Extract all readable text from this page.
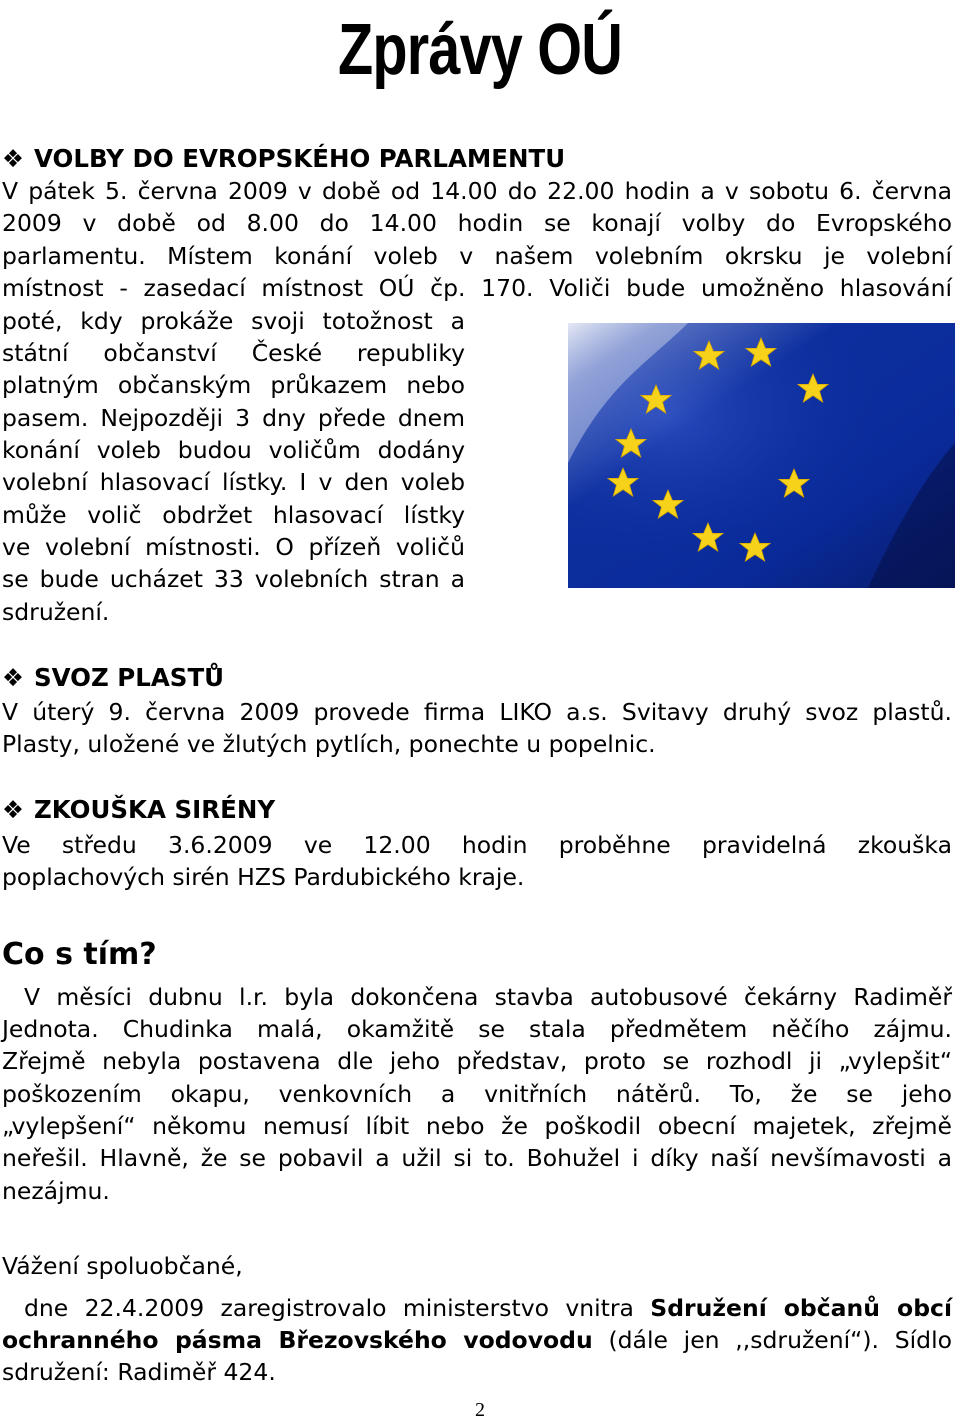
Zprávy OÚ
❖ VOLBY DO EVROPSKÉHO PARLAMENTU
V pátek 5. června 2009 v době od 14.00 do 22.00 hodin a v sobotu 6. června
2009 v době od 8.00 do 14.00 hodin se konají volby do Evropského
parlamentu. Místem konání voleb v našem volebním okrsku je volební
místnost - zasedací místnost OÚ čp. 170. Voliči bude umožněno hlasování
poté, kdy prokáže svoji totožnost a
státní občanství České republiky
platným občanským průkazem nebo
pasem. Nejpozději 3 dny přede dnem
konání voleb budou voličům dodány
volební hlasovací lístky. I v den voleb
může volič obdržet hlasovací lístky
ve volební místnosti. O přízeň voličů
se bude ucházet 33 volebních stran a
sdružení.
❖ SVOZ PLASTŮ
V úterý 9. června 2009 provede firma LIKO a.s. Svitavy druhý svoz plastů.
Plasty, uložené ve žlutých pytlích, ponechte u popelnic.
❖ ZKOUŠKA SIRÉNY
Ve středu 3.6.2009 ve 12.00 hodin proběhne pravidelná zkouška
poplachových sirén HZS Pardubického kraje.
Co s tím?
V měsíci dubnu l.r. byla dokončena stavba autobusové čekárny Radiměř
Jednota. Chudinka malá, okamžitě se stala předmětem něčího zájmu.
Zřejmě nebyla postavena dle jeho představ, proto se rozhodl ji „vylepšit“
poškozením okapu, venkovních a vnitřních nátěrů. To, že se jeho
„vylepšení“ někomu nemusí líbit nebo že poškodil obecní majetek, zřejmě
neřešil. Hlavně, že se pobavil a užil si to. Bohužel i díky naší nevšímavosti a
nezájmu.
Vážení spoluobčané,
dne 22.4.2009 zaregistrovalo ministerstvo vnitra Sdružení občanů obcí
ochranného pásma Březovského vodovodu (dále jen ,,sdružení“). Sídlo
sdružení: Radiměř 424.
2
